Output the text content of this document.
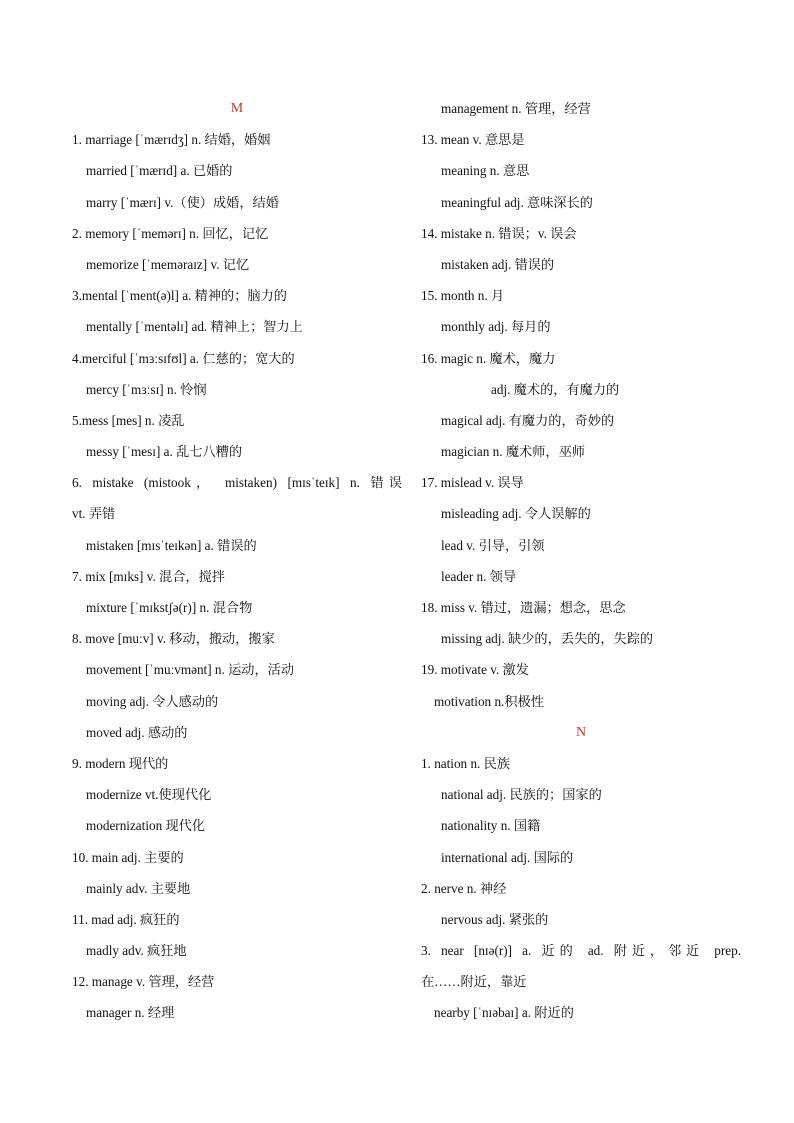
M
1. marriage [ˈmærɪdʒ] n. 结婚，婚姻
married [ˈmærɪd] a. 已婚的
marry [ˈmærɪ] v.（使）成婚，结婚
2. memory [ˈmemərɪ] n. 回忆，记忆
memorize [ˈmeməraɪz] v. 记忆
3.mental [ˈment(ə)l] a. 精神的；脑力的
mentally [ˈmentəlɪ] ad. 精神上；智力上
4.merciful [ˈmɜːsɪfʊl] a. 仁慈的；宽大的
mercy [ˈmɜːsɪ] n. 怜悯
5.mess [mes] n. 凌乱
messy [ˈmesɪ] a. 乱七八糟的
6. mistake (mistook， mistaken) [mɪsˈteɪk] n. 错误
vt. 弄错
mistaken [mɪsˈteɪkən] a. 错误的
7. mix [mɪks] v. 混合，搅拌
mixture [ˈmɪkstʃə(r)] n. 混合物
8. move [muːv] v. 移动，搬动，搬家
movement [ˈmuːvmənt] n. 运动，活动
moving adj. 令人感动的
moved adj. 感动的
9. modern 现代的
modernize vt.使现代化
modernization 现代化
10. main adj. 主要的
mainly adv. 主要地
11. mad adj. 疯狂的
madly adv. 疯狂地
12. manage v. 管理，经营
manager n. 经理
management n. 管理，经营
13. mean v. 意思是
meaning n. 意思
meaningful adj. 意味深长的
14. mistake n. 错误；v. 误会
mistaken adj. 错误的
15. month n. 月
monthly adj. 每月的
16. magic n. 魔术，魔力
adj. 魔术的，有魔力的
magical adj. 有魔力的，奇妙的
magician n. 魔术师，巫师
17. mislead v. 误导
misleading adj. 令人误解的
lead v. 引导，引领
leader n. 领导
18. miss v. 错过，遗漏；想念，思念
missing adj. 缺少的，丢失的，失踪的
19. motivate v. 激发
motivation n.积极性
N
1. nation n. 民族
national adj. 民族的；国家的
nationality n. 国籍
international adj. 国际的
2. nerve n. 神经
nervous adj. 紧张的
3. near [nɪə(r)] a. 近的 ad. 附近，邻近 prep.
在……附近，靠近
nearby [ˈnɪəbaɪ] a. 附近的
